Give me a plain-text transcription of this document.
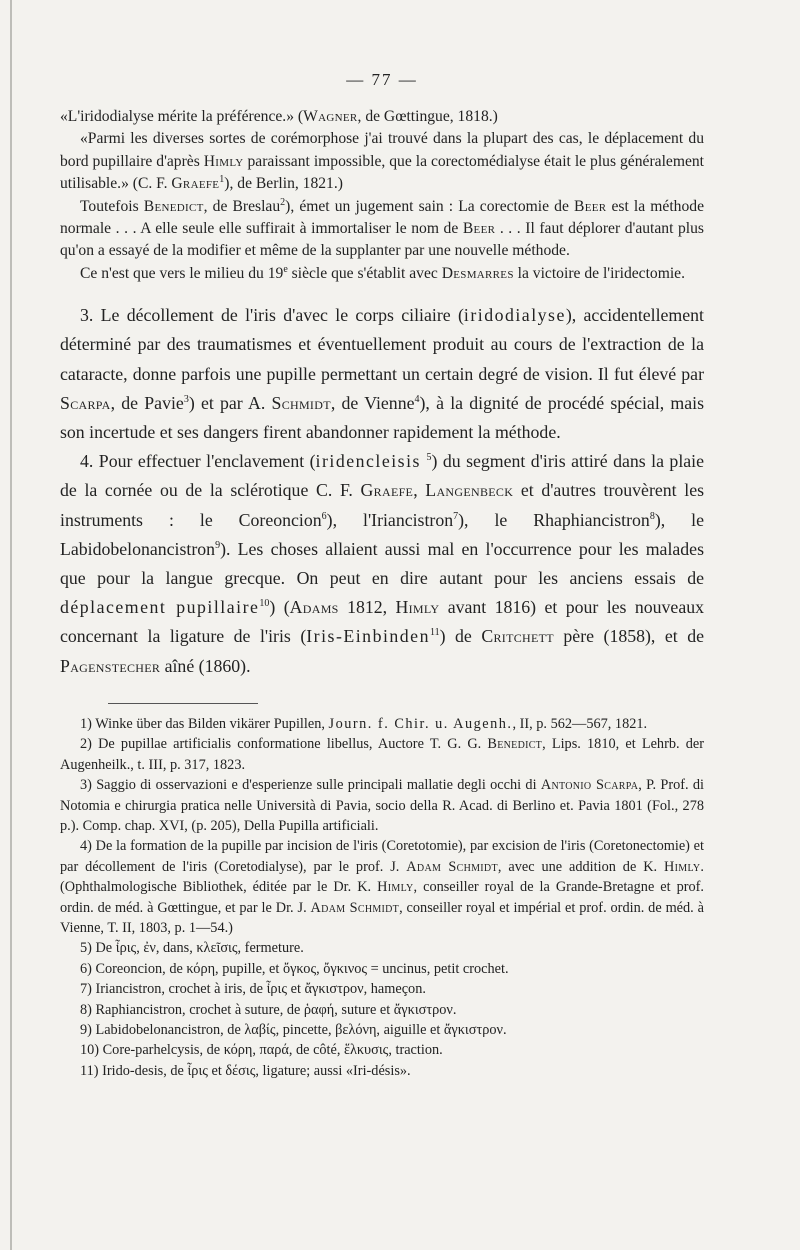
— 77 —

«L'iridodialyse mérite la préférence.» (Wagner, de Gœttingue, 1818.)

«Parmi les diverses sortes de corémorphose j'ai trouvé dans la plupart des cas, le déplacement du bord pupillaire d'après Himly paraissant impossible, que la corectomédialyse était le plus généralement utilisable.» (C. F. Graefe$^1$), de Berlin, 1821.)

Toutefois Benedict, de Breslau$^2$), émet un jugement sain : La corectomie de Beer est la méthode normale . . . A elle seule elle suffirait à immortaliser le nom de Beer . . . Il faut déplorer d'autant plus qu'on a essayé de la modifier et même de la supplanter par une nouvelle méthode.

Ce n'est que vers le milieu du 19e siècle que s'établit avec Desmarres la victoire de l'iridectomie.

3. Le décollement de l'iris d'avec le corps ciliaire (iridodialyse), accidentellement déterminé par des traumatismes et éventuellement produit au cours de l'extraction de la cataracte, donne parfois une pupille permettant un certain degré de vision. Il fut élevé par Scarpa, de Pavie$^3$) et par A. Schmidt, de Vienne$^4$), à la dignité de procédé spécial, mais son incertude et ses dangers firent abandonner rapidement la méthode.

4. Pour effectuer l'enclavement (iridencleisis $^5$) du segment d'iris attiré dans la plaie de la cornée ou de la sclérotique C. F. Graefe, Langenbeck et d'autres trouvèrent les instruments : le Coreoncion$^6$), l'Iriancistron$^7$), le Rhaphiancistron$^8$), le Labidobelonancistron$^9$). Les choses allaient aussi mal en l'occurrence pour les malades que pour la langue grecque. On peut en dire autant pour les anciens essais de déplacement pupillaire$^{10}$) (Adams 1812, Himly avant 1816) et pour les nouveaux concernant la ligature de l'iris (Iris-Einbinden$^{11}$) de Critchett père (1858), et de Pagenstecher aîné (1860).

1) Winke über das Bilden vikärer Pupillen, Journ. f. Chir. u. Augenh., II, p. 562—567, 1821.

2) De pupillae artificialis conformatione libellus, Auctore T. G. G. Benedict, Lips. 1810, et Lehrb. der Augenheilk., t. III, p. 317, 1823.

3) Saggio di osservazioni e d'esperienze sulle principali mallatie degli occhi di Antonio Scarpa, P. Prof. di Notomia e chirurgia pratica nelle Università di Pavia, socio della R. Acad. di Berlino et. Pavia 1801 (Fol., 278 p.). Comp. chap. XVI, (p. 205), Della Pupilla artificiali.

4) De la formation de la pupille par incision de l'iris (Coretotomie), par excision de l'iris (Coretonectomie) et par décollement de l'iris (Coretodialyse), par le prof. J. Adam Schmidt, avec une addition de K. Himly. (Ophthalmologische Bibliothek, éditée par le Dr. K. Himly, conseiller royal de la Grande-Bretagne et prof. ordin. de méd. à Gœttingue, et par le Dr. J. Adam Schmidt, conseiller royal et impérial et prof. ordin. de méd. à Vienne, T. II, 1803, p. 1—54.)

5) De ἶρις, ἐν, dans, κλεῖσις, fermeture.

6) Coreoncion, de κόρη, pupille, et ὄγκος, ὄγκινος = uncinus, petit crochet.

7) Iriancistron, crochet à iris, de ἶρις et ἄγκιστρον, hameçon.

8) Raphiancistron, crochet à suture, de ῥαφή, suture et ἄγκιστρον.

9) Labidobelonancistron, de λαβίς, pincette, βελόνη, aiguille et ἄγκιστρον.

10) Core-parhelcysis, de κόρη, παρά, de côté, ἕλκυσις, traction.

11) Irido-desis, de ἶρις et δέσις, ligature; aussi «Iri-désis».
